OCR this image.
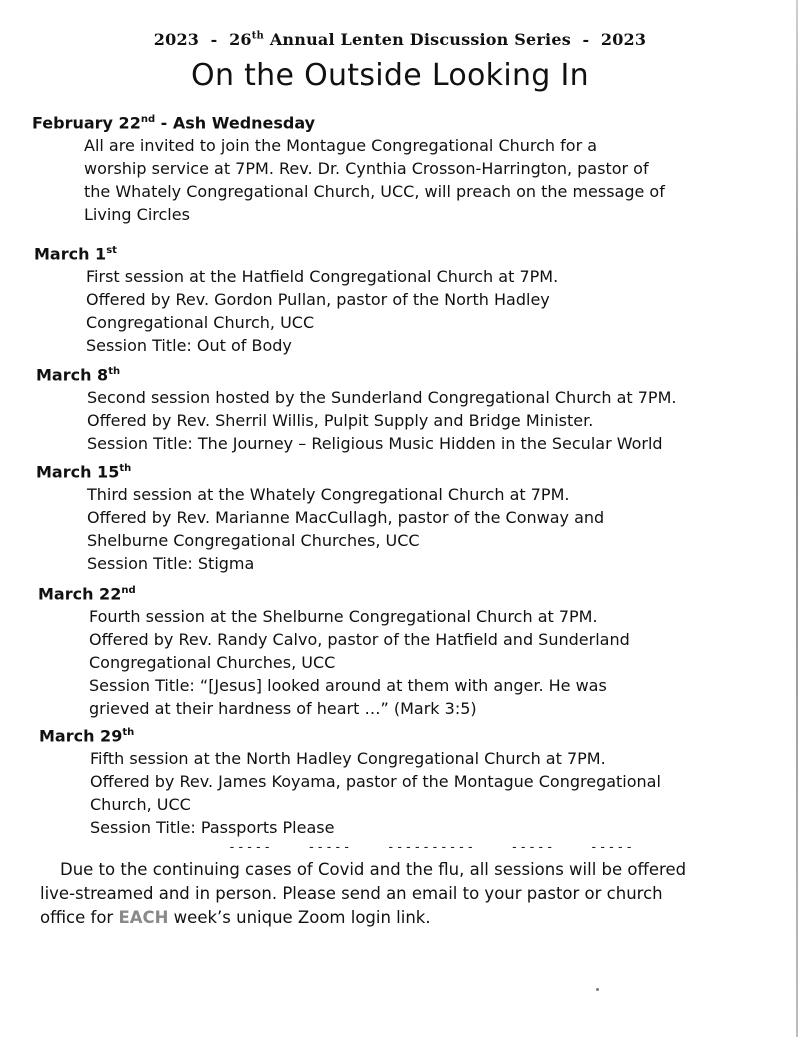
2023 - 26th Annual Lenten Discussion Series - 2023
On the Outside Looking In
February 22nd - Ash Wednesday
All are invited to join the Montague Congregational Church for a
worship service at 7PM. Rev. Dr. Cynthia Crosson-Harrington, pastor of
the Whately Congregational Church, UCC, will preach on the message of
Living Circles
March 1st
First session at the Hatfield Congregational Church at 7PM.
Offered by Rev. Gordon Pullan, pastor of the North Hadley
Congregational Church, UCC
Session Title: Out of Body
March 8th
Second session hosted by the Sunderland Congregational Church at 7PM.
Offered by Rev. Sherril Willis, Pulpit Supply and Bridge Minister.
Session Title: The Journey – Religious Music Hidden in the Secular World
March 15th
Third session at the Whately Congregational Church at 7PM.
Offered by Rev. Marianne MacCullagh, pastor of the Conway and
Shelburne Congregational Churches, UCC
Session Title: Stigma
March 22nd
Fourth session at the Shelburne Congregational Church at 7PM.
Offered by Rev. Randy Calvo, pastor of the Hatfield and Sunderland
Congregational Churches, UCC
Session Title: “[Jesus] looked around at them with anger. He was
grieved at their hardness of heart …” (Mark 3:5)
March 29th
Fifth session at the North Hadley Congregational Church at 7PM.
Offered by Rev. James Koyama, pastor of the Montague Congregational
Church, UCC
Session Title: Passports Please
-----    -----    ----------    -----    -----
Due to the continuing cases of Covid and the flu, all sessions will be offered
live-streamed and in person. Please send an email to your pastor or church
office for EACH week’s unique Zoom login link.
